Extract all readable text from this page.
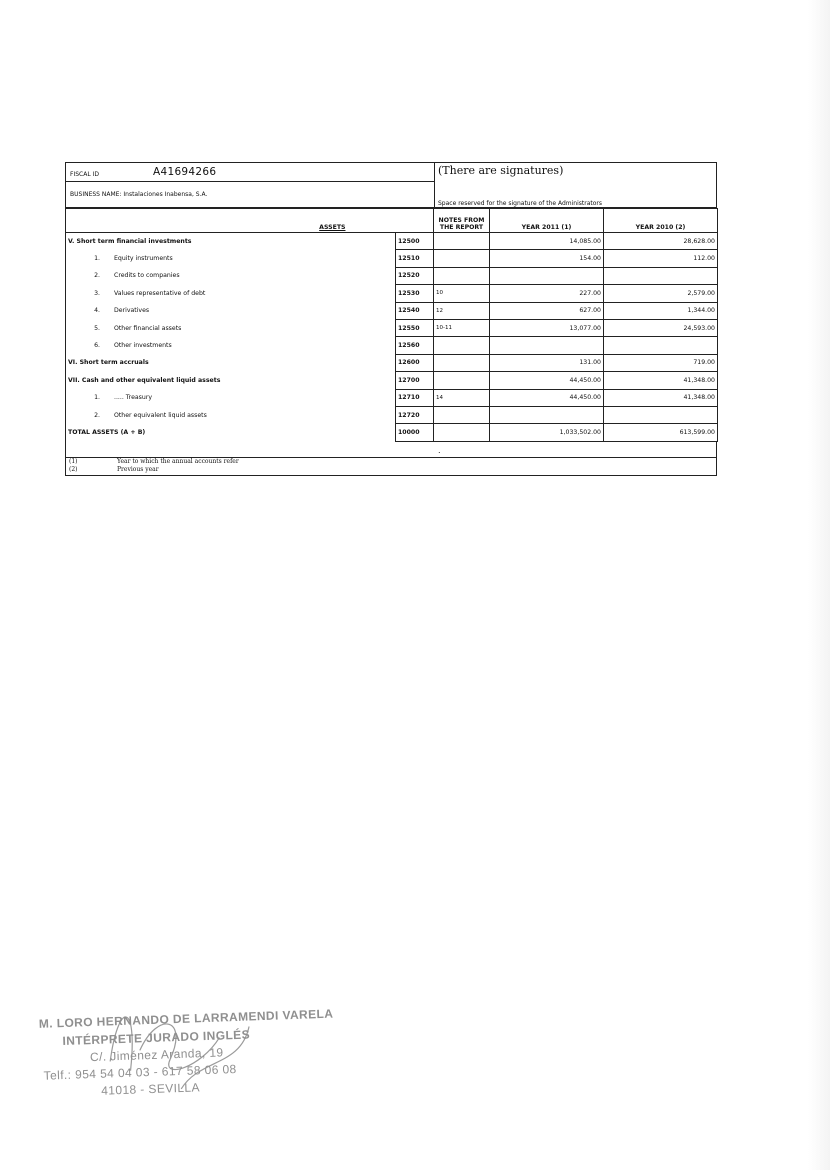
FISCAL ID	A41694266
BUSINESS NAME: Instalaciones Inabensa, S.A.
(There are signatures)
Space reserved for the signature of the Administrators
ASSETS		NOTES FROM THE REPORT	YEAR 2011 (1)	YEAR 2010 (2)
V. Short term financial investments	12500		14,085.00	28,628.00
1. Equity instruments	12510		154.00	112.00
2. Credits to companies	12520			
3. Values representative of debt	12530	10	227.00	2,579.00
4. Derivatives	12540	12	627.00	1,344.00
5. Other financial assets	12550	10-11	13,077.00	24,593.00
6. Other investments	12560			
VI. Short term accruals	12600		131.00	719.00
VII. Cash and other equivalent liquid assets	12700		44,450.00	41,348.00
1. ..... Treasury	12710	14	44,450.00	41,348.00
2. Other equivalent liquid assets	12720			
TOTAL ASSETS (A + B)	10000		1,033,502.00	613,599.00
.
(1)	Year to which the annual accounts refer
(2)	Previous year
M. LORO HERNANDO DE LARRAMENDI VARELA
INTÉRPRETE JURADO INGLÉS
C/. Jiménez Aranda, 19
Telf.: 954 54 04 03 - 617 58 06 08
41018 - SEVILLA
